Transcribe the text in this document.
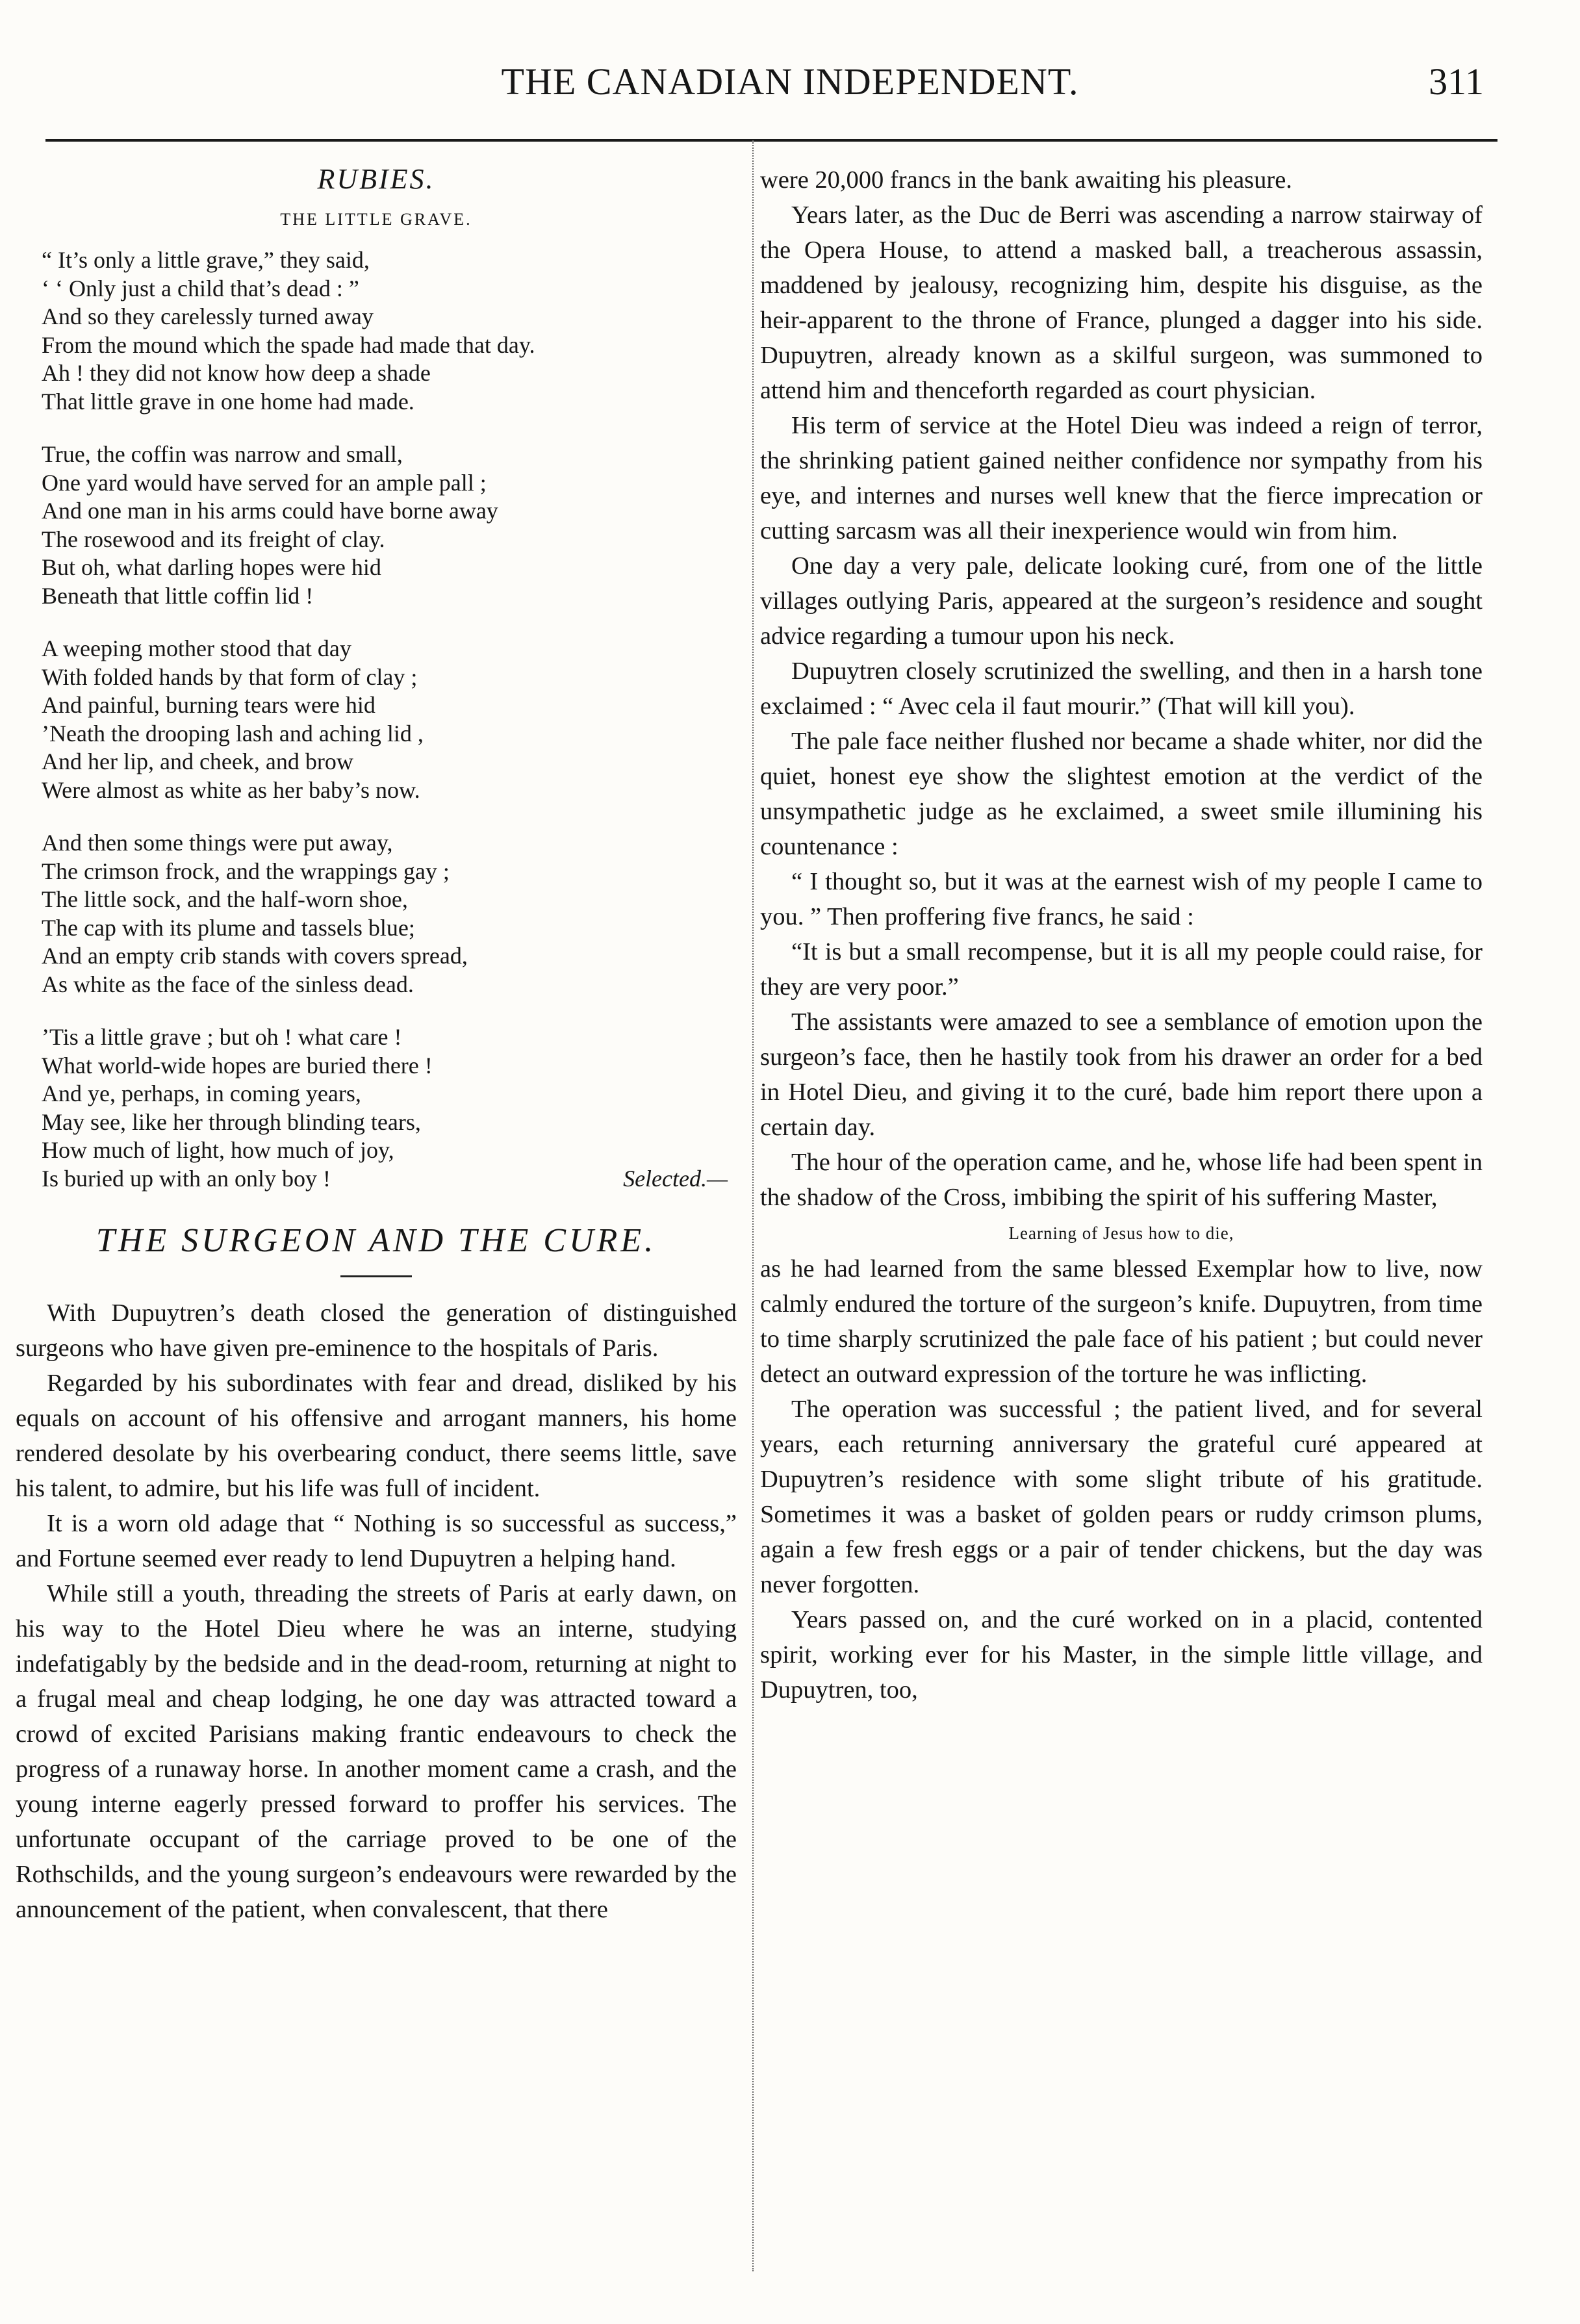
THE CANADIAN INDEPENDENT.	311
RUBIES.
THE LITTLE GRAVE.
“ It’s only a little grave,” they said,
‘ ‘ Only just a child that’s dead : ”
And so they carelessly turned away
From the mound which the spade had made that day.
Ah ! they did not know how deep a shade
That little grave in one home had made.
True, the coffin was narrow and small,
One yard would have served for an ample pall ;
And one man in his arms could have borne away
The rosewood and its freight of clay.
But oh, what darling hopes were hid
Beneath that little coffin lid !
A weeping mother stood that day
With folded hands by that form of clay ;
And painful, burning tears were hid
’Neath the drooping lash and aching lid ,
And her lip, and cheek, and brow
Were almost as white as her baby’s now.
And then some things were put away,
The crimson frock, and the wrappings gay ;
The little sock, and the half-worn shoe,
The cap with its plume and tassels blue;
And an empty crib stands with covers spread,
As white as the face of the sinless dead.
’Tis a little grave ; but oh ! what care !
What world-wide hopes are buried there !
And ye, perhaps, in coming years,
May see, like her through blinding tears,
How much of light, how much of joy,
Is buried up with an only boy !	Selected.—
THE SURGEON AND THE CURE.

With Dupuytren’s death closed the generation of distinguished surgeons who have given pre-eminence to the hospitals of Paris.

Regarded by his subordinates with fear and dread, disliked by his equals on account of his offensive and arrogant manners, his home rendered desolate by his overbearing conduct, there seems little, save his talent, to admire, but his life was full of incident.

It is a worn old adage that “ Nothing is so successful as success,” and Fortune seemed ever ready to lend Dupuytren a helping hand.

While still a youth, threading the streets of Paris at early dawn, on his way to the Hotel Dieu where he was an interne, studying indefatigably by the bedside and in the dead-room, returning at night to a frugal meal and cheap lodging, he one day was attracted toward a crowd of excited Parisians making frantic endeavours to check the progress of a runaway horse. In another moment came a crash, and the young interne eagerly pressed forward to proffer his services. The unfortunate occupant of the carriage proved to be one of the Rothschilds, and the young surgeon’s endeavours were rewarded by the announcement of the patient, when convalescent, that there

were 20,000 francs in the bank awaiting his pleasure.

Years later, as the Duc de Berri was ascending a narrow stairway of the Opera House, to attend a masked ball, a treacherous assassin, maddened by jealousy, recognizing him, despite his disguise, as the heir-apparent to the throne of France, plunged a dagger into his side. Dupuytren, already known as a skilful surgeon, was summoned to attend him and thenceforth regarded as court physician.

His term of service at the Hotel Dieu was indeed a reign of terror, the shrinking patient gained neither confidence nor sympathy from his eye, and internes and nurses well knew that the fierce imprecation or cutting sarcasm was all their inexperience would win from him.

One day a very pale, delicate looking curé, from one of the little villages outlying Paris, appeared at the surgeon’s residence and sought advice regarding a tumour upon his neck.

Dupuytren closely scrutinized the swelling, and then in a harsh tone exclaimed : “ Avec cela il faut mourir.” (That will kill you).

The pale face neither flushed nor became a shade whiter, nor did the quiet, honest eye show the slightest emotion at the verdict of the unsympathetic judge as he exclaimed, a sweet smile illumining his countenance :

“ I thought so, but it was at the earnest wish of my people I came to you. ” Then proffering five francs, he said :

“It is but a small recompense, but it is all my people could raise, for they are very poor.”

The assistants were amazed to see a semblance of emotion upon the surgeon’s face, then he hastily took from his drawer an order for a bed in Hotel Dieu, and giving it to the curé, bade him report there upon a certain day.

The hour of the operation came, and he, whose life had been spent in the shadow of the Cross, imbibing the spirit of his suffering Master,

Learning of Jesus how to die,

as he had learned from the same blessed Exemplar how to live, now calmly endured the torture of the surgeon’s knife. Dupuytren, from time to time sharply scrutinized the pale face of his patient ; but could never detect an outward expression of the torture he was inflicting.

The operation was successful ; the patient lived, and for several years, each returning anniversary the grateful curé appeared at Dupuytren’s residence with some slight tribute of his gratitude. Sometimes it was a basket of golden pears or ruddy crimson plums, again a few fresh eggs or a pair of tender chickens, but the day was never forgotten.

Years passed on, and the curé worked on in a placid, contented spirit, working ever for his Master, in the simple little village, and Dupuytren, too,
